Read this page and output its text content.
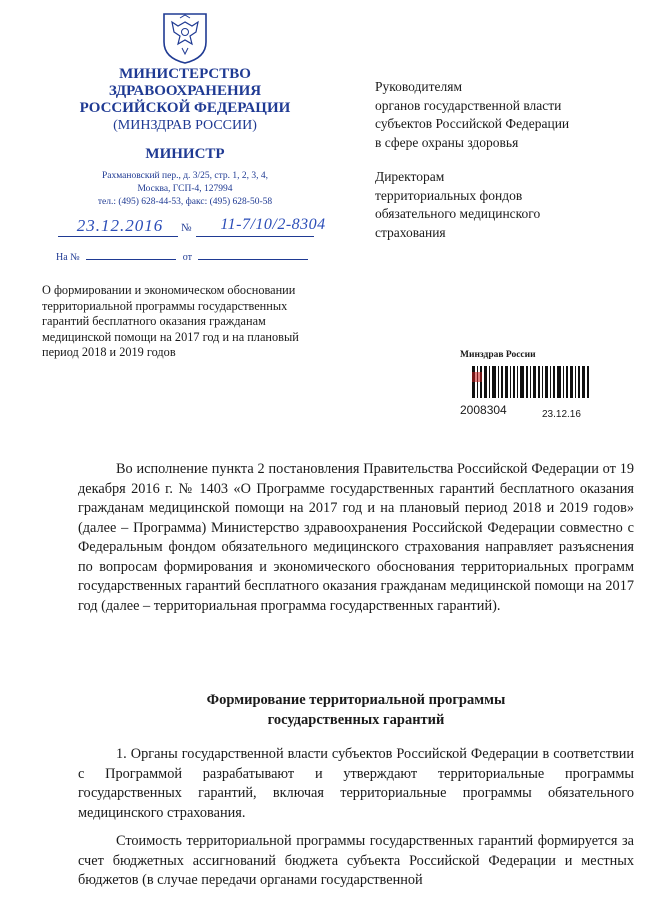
МИНИСТЕРСТВО
ЗДРАВООХРАНЕНИЯ
РОССИЙСКОЙ ФЕДЕРАЦИИ
(МИНЗДРАВ РОССИИ)
МИНИСТР
Рахмановский пер., д. 3/25, стр. 1, 2, 3, 4,
Москва, ГСП-4, 127994
тел.: (495) 628-44-53, факс: (495) 628-50-58
23.12.2016	№	11-7/10/2-8304
На №	от
О формировании и экономическом обосновании
территориальной программы государственных
гарантий бесплатного оказания гражданам
медицинской помощи на 2017 год и на плановый
период 2018 и 2019 годов
Руководителям
органов государственной власти
субъектов Российской Федерации
в сфере охраны здоровья
Директорам
территориальных фондов
обязательного медицинского
страхования
Минздрав России
2008304	23.12.16

Во исполнение пункта 2 постановления Правительства Российской Федерации от 19 декабря 2016 г. № 1403 «О Программе государственных гарантий бесплатного оказания гражданам медицинской помощи на 2017 год и на плановый период 2018 и 2019 годов» (далее – Программа) Министерство здравоохранения Российской Федерации совместно с Федеральным фондом обязательного медицинского страхования направляет разъяснения по вопросам формирования и экономического обоснования территориальных программ государственных гарантий бесплатного оказания гражданам медицинской помощи на 2017 год (далее – территориальная программа государственных гарантий).

Формирование территориальной программы
государственных гарантий

1. Органы государственной власти субъектов Российской Федерации в соответствии с Программой разрабатывают и утверждают территориальные программы государственных гарантий, включая территориальные программы обязательного медицинского страхования.

Стоимость территориальной программы государственных гарантий формируется за счет бюджетных ассигнований бюджета субъекта Российской Федерации и местных бюджетов (в случае передачи органами государственной
